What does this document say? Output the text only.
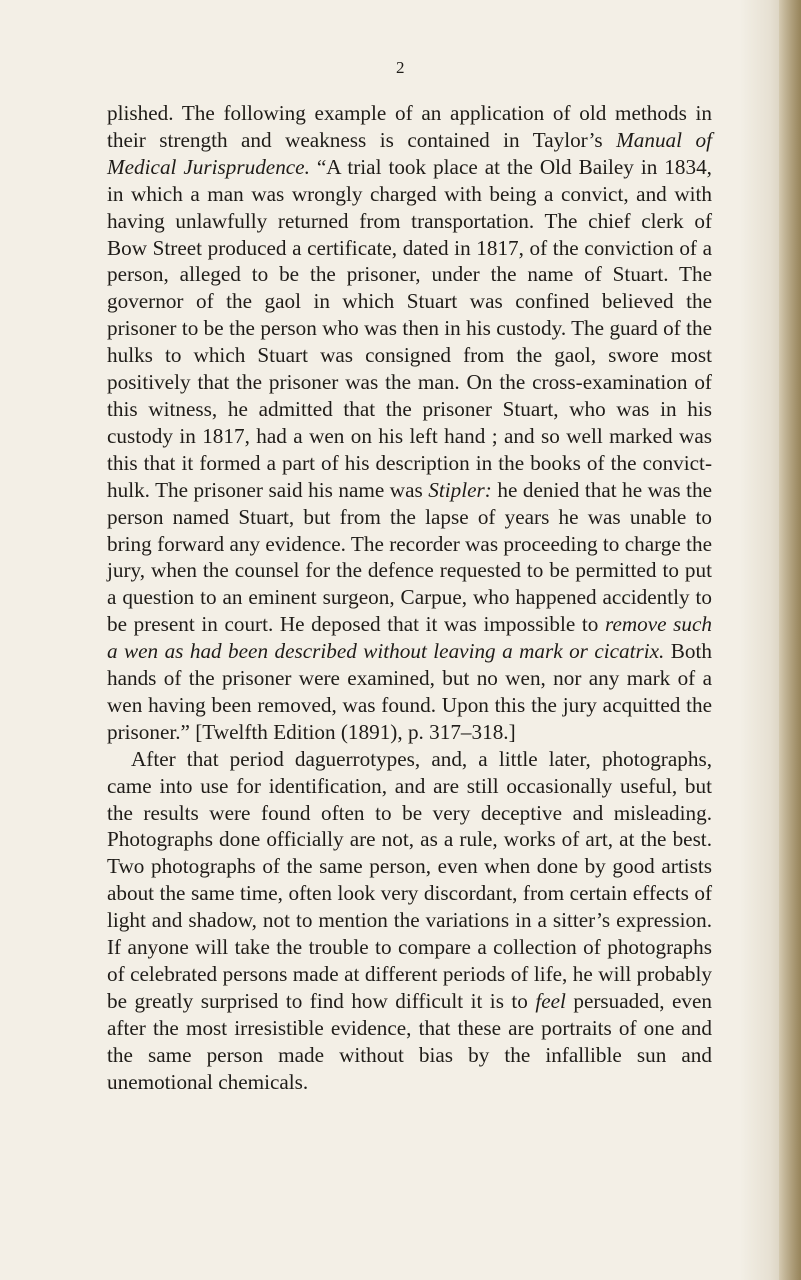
2

plished. The following example of an application of old methods in their strength and weakness is contained in Taylor’s Manual of Medical Jurisprudence. “A trial took place at the Old Bailey in 1834, in which a man was wrongly charged with being a convict, and with having unlawfully returned from transportation. The chief clerk of Bow Street produced a certificate, dated in 1817, of the conviction of a person, alleged to be the prisoner, under the name of Stuart. The governor of the gaol in which Stuart was confined believed the prisoner to be the person who was then in his custody. The guard of the hulks to which Stuart was consigned from the gaol, swore most positively that the prisoner was the man. On the cross-examination of this witness, he admitted that the prisoner Stuart, who was in his custody in 1817, had a wen on his left hand ; and so well marked was this that it formed a part of his description in the books of the convict-hulk. The prisoner said his name was Stipler: he denied that he was the person named Stuart, but from the lapse of years he was unable to bring forward any evidence. The recorder was proceeding to charge the jury, when the counsel for the defence requested to be permitted to put a question to an eminent surgeon, Carpue, who happened accidently to be present in court. He deposed that it was impossible to remove such a wen as had been described without leaving a mark or cicatrix. Both hands of the prisoner were examined, but no wen, nor any mark of a wen having been removed, was found. Upon this the jury acquitted the prisoner.” [Twelfth Edition (1891), p. 317–318.]

After that period daguerrotypes, and, a little later, photographs, came into use for identification, and are still occasionally useful, but the results were found often to be very deceptive and misleading. Photographs done officially are not, as a rule, works of art, at the best. Two photographs of the same person, even when done by good artists about the same time, often look very discordant, from certain effects of light and shadow, not to mention the variations in a sitter’s expression. If anyone will take the trouble to compare a collection of photographs of celebrated persons made at different periods of life, he will probably be greatly surprised to find how difficult it is to feel persuaded, even after the most irresistible evidence, that these are portraits of one and the same person made without bias by the infallible sun and unemotional chemicals.
